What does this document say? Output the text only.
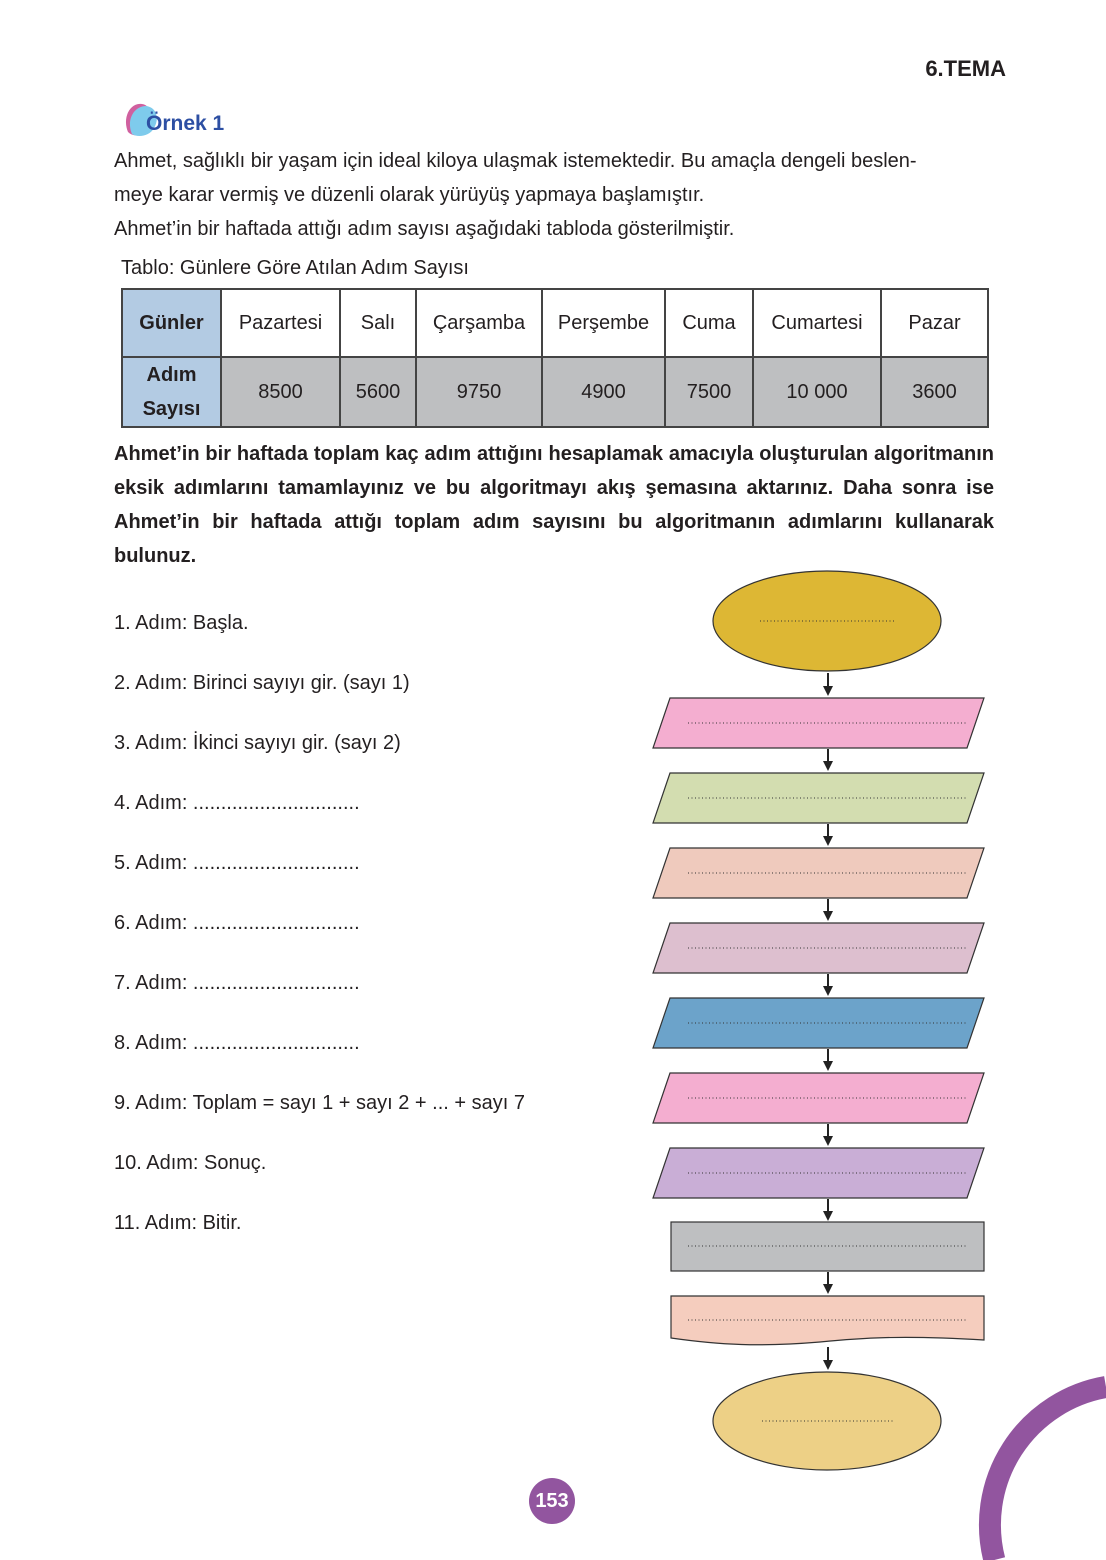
6.TEMA
Örnek 1
Ahmet, sağlıklı bir yaşam için ideal kiloya ulaşmak istemektedir. Bu amaçla dengeli beslen-
meye karar vermiş ve düzenli olarak yürüyüş yapmaya başlamıştır.
Ahmet’in bir haftada attığı adım sayısı aşağıdaki tabloda gösterilmiştir.
Tablo: Günlere Göre Atılan Adım Sayısı
Günler	Pazartesi	Salı	Çarşamba	Perşembe	Cuma	Cumartesi	Pazar
Adım Sayısı	8500	5600	9750	4900	7500	10 000	3600
Ahmet’in bir haftada toplam kaç adım attığını hesaplamak amacıyla oluşturulan algoritmanın eksik adımlarını tamamlayınız ve bu algoritmayı akış şemasına aktarınız. Daha sonra ise Ahmet’in bir haftada attığı toplam adım sayısını bu algoritmanın adımlarını kullanarak bulunuz.
1. Adım: Başla.
2. Adım: Birinci sayıyı gir. (sayı 1)
3. Adım: İkinci sayıyı gir. (sayı 2)
4. Adım: ..............................
5. Adım: ..............................
6. Adım: ..............................
7. Adım: ..............................
8. Adım: ..............................
9. Adım: Toplam = sayı 1 + sayı 2 + ... + sayı 7
10. Adım: Sonuç.
11. Adım: Bitir.
153
